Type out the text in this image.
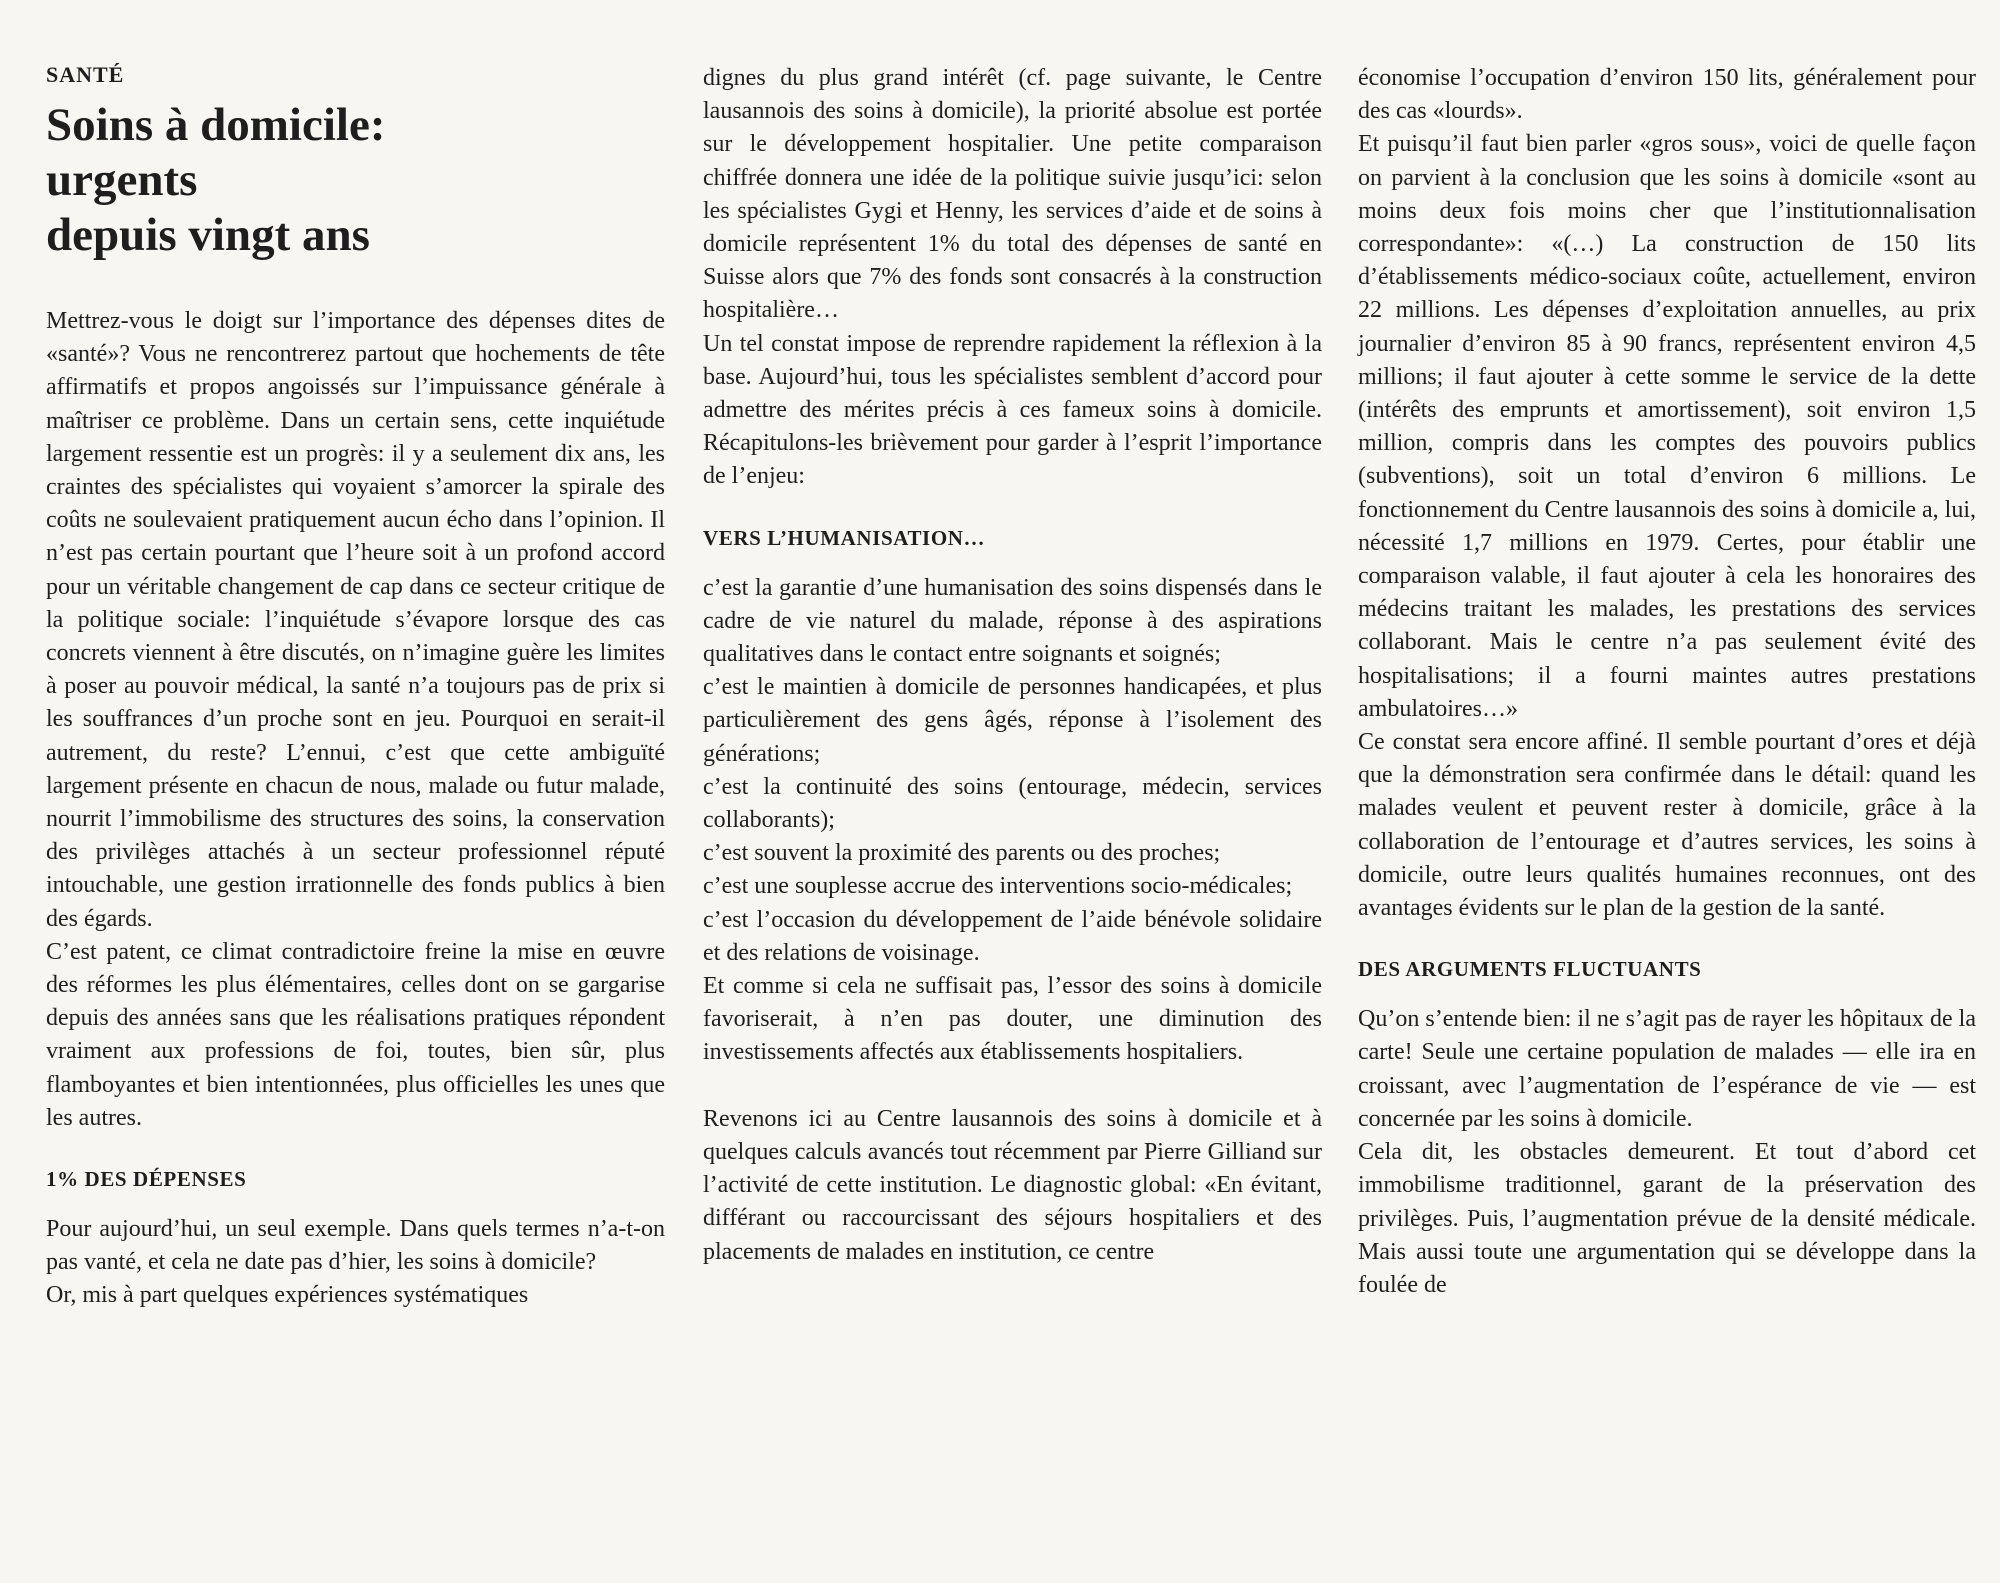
SANTÉ
Soins à domicile:
urgents
depuis vingt ans

Mettrez-vous le doigt sur l’importance des dépenses dites de «santé»? Vous ne rencontrerez partout que hochements de tête affirmatifs et propos angoissés sur l’impuissance générale à maîtriser ce problème. Dans un certain sens, cette inquiétude largement ressentie est un progrès: il y a seulement dix ans, les craintes des spécialistes qui voyaient s’amorcer la spirale des coûts ne soulevaient pratiquement aucun écho dans l’opinion. Il n’est pas certain pourtant que l’heure soit à un profond accord pour un véritable changement de cap dans ce secteur critique de la politique sociale: l’inquiétude s’évapore lorsque des cas concrets viennent à être discutés, on n’imagine guère les limites à poser au pouvoir médical, la santé n’a toujours pas de prix si les souffrances d’un proche sont en jeu. Pourquoi en serait-il autrement, du reste? L’ennui, c’est que cette ambiguïté largement présente en chacun de nous, malade ou futur malade, nourrit l’immobilisme des structures des soins, la conservation des privilèges attachés à un secteur professionnel réputé intouchable, une gestion irrationnelle des fonds publics à bien des égards.

C’est patent, ce climat contradictoire freine la mise en œuvre des réformes les plus élémentaires, celles dont on se gargarise depuis des années sans que les réalisations pratiques répondent vraiment aux professions de foi, toutes, bien sûr, plus flamboyantes et bien intentionnées, plus officielles les unes que les autres.

1% DES DÉPENSES

Pour aujourd’hui, un seul exemple. Dans quels termes n’a-t-on pas vanté, et cela ne date pas d’hier, les soins à domicile?

Or, mis à part quelques expériences systématiques

dignes du plus grand intérêt (cf. page suivante, le Centre lausannois des soins à domicile), la priorité absolue est portée sur le développement hospitalier. Une petite comparaison chiffrée donnera une idée de la politique suivie jusqu’ici: selon les spécialistes Gygi et Henny, les services d’aide et de soins à domicile représentent 1% du total des dépenses de santé en Suisse alors que 7% des fonds sont consacrés à la construction hospitalière…

Un tel constat impose de reprendre rapidement la réflexion à la base. Aujourd’hui, tous les spécialistes semblent d’accord pour admettre des mérites précis à ces fameux soins à domicile. Récapitulons-les brièvement pour garder à l’esprit l’importance de l’enjeu:

VERS L’HUMANISATION…

c’est la garantie d’une humanisation des soins dispensés dans le cadre de vie naturel du malade, réponse à des aspirations qualitatives dans le contact entre soignants et soignés;

c’est le maintien à domicile de personnes handicapées, et plus particulièrement des gens âgés, réponse à l’isolement des générations;

c’est la continuité des soins (entourage, médecin, services collaborants);

c’est souvent la proximité des parents ou des proches;

c’est une souplesse accrue des interventions socio-médicales;

c’est l’occasion du développement de l’aide bénévole solidaire et des relations de voisinage.

Et comme si cela ne suffisait pas, l’essor des soins à domicile favoriserait, à n’en pas douter, une diminution des investissements affectés aux établissements hospitaliers.

Revenons ici au Centre lausannois des soins à domicile et à quelques calculs avancés tout récemment par Pierre Gilliand sur l’activité de cette institution. Le diagnostic global: «En évitant, différant ou raccourcissant des séjours hospitaliers et des placements de malades en institution, ce centre

économise l’occupation d’environ 150 lits, généralement pour des cas «lourds».

Et puisqu’il faut bien parler «gros sous», voici de quelle façon on parvient à la conclusion que les soins à domicile «sont au moins deux fois moins cher que l’institutionnalisation correspondante»: «(…) La construction de 150 lits d’établissements médico-sociaux coûte, actuellement, environ 22 millions. Les dépenses d’exploitation annuelles, au prix journalier d’environ 85 à 90 francs, représentent environ 4,5 millions; il faut ajouter à cette somme le service de la dette (intérêts des emprunts et amortissement), soit environ 1,5 million, compris dans les comptes des pouvoirs publics (subventions), soit un total d’environ 6 millions. Le fonctionnement du Centre lausannois des soins à domicile a, lui, nécessité 1,7 millions en 1979. Certes, pour établir une comparaison valable, il faut ajouter à cela les honoraires des médecins traitant les malades, les prestations des services collaborant. Mais le centre n’a pas seulement évité des hospitalisations; il a fourni maintes autres prestations ambulatoires…»

Ce constat sera encore affiné. Il semble pourtant d’ores et déjà que la démonstration sera confirmée dans le détail: quand les malades veulent et peuvent rester à domicile, grâce à la collaboration de l’entourage et d’autres services, les soins à domicile, outre leurs qualités humaines reconnues, ont des avantages évidents sur le plan de la gestion de la santé.

DES ARGUMENTS FLUCTUANTS

Qu’on s’entende bien: il ne s’agit pas de rayer les hôpitaux de la carte! Seule une certaine population de malades — elle ira en croissant, avec l’augmentation de l’espérance de vie — est concernée par les soins à domicile.

Cela dit, les obstacles demeurent. Et tout d’abord cet immobilisme traditionnel, garant de la préservation des privilèges. Puis, l’augmentation prévue de la densité médicale. Mais aussi toute une argumentation qui se développe dans la foulée de
